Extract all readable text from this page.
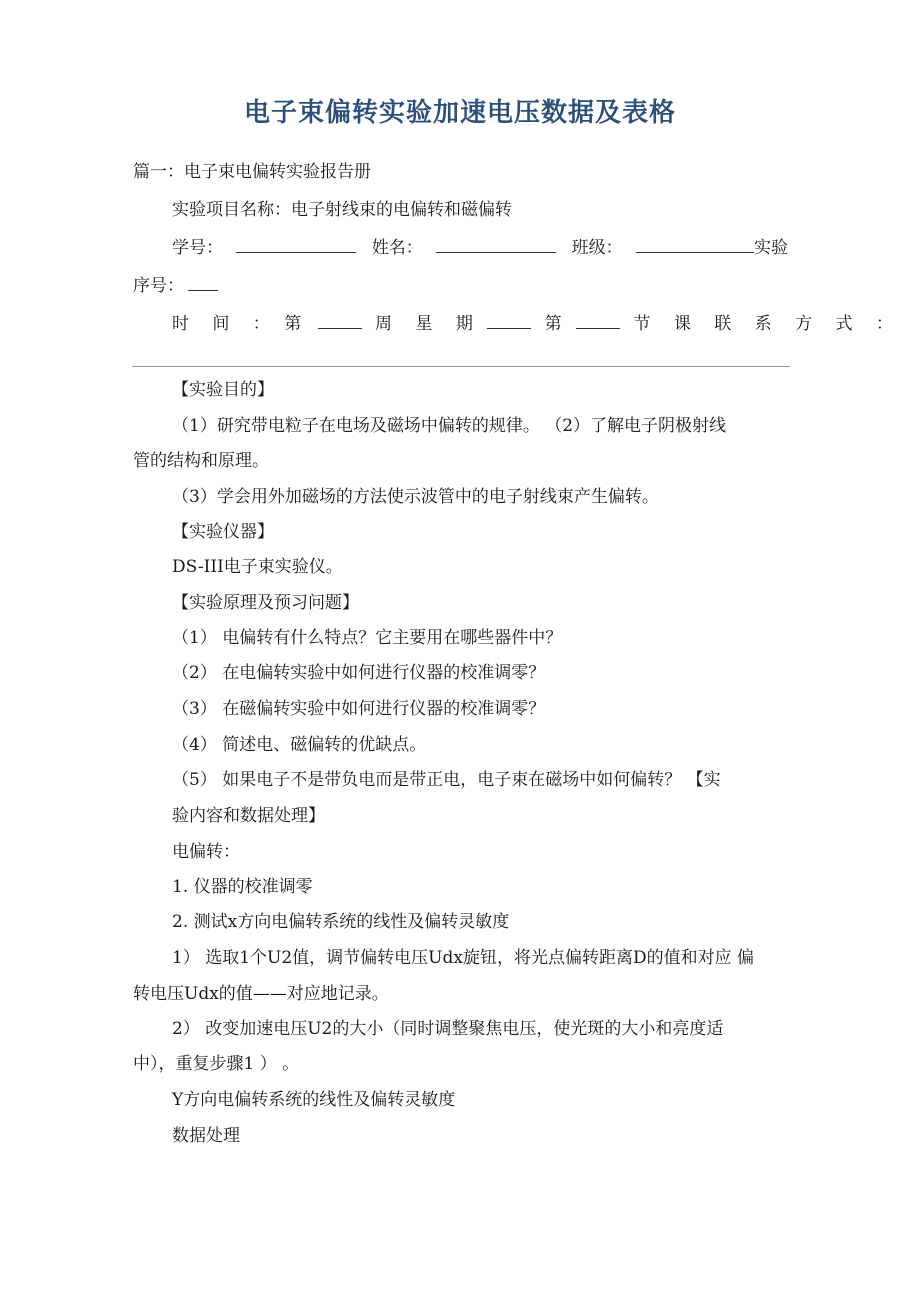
电子束偏转实验加速电压数据及表格
篇一：电子束电偏转实验报告册
实验项目名称：电子射线束的电偏转和磁偏转
学号：	姓名：	班级：	实验
序号：
时 间 ： 第	周 星 期	第	节 课 联 系 方 式 ：
【实验目的】
（1）研究带电粒子在电场及磁场中偏转的规律。 （2）了解电子阴极射线
管的结构和原理。
（3）学会用外加磁场的方法使示波管中的电子射线束产生偏转。
【实验仪器】
DS-III电子束实验仪。
【实验原理及预习问题】
（1） 电偏转有什么特点？它主要用在哪些器件中？
（2） 在电偏转实验中如何进行仪器的校准调零？
（3） 在磁偏转实验中如何进行仪器的校准调零？
（4） 简述电、磁偏转的优缺点。
（5） 如果电子不是带负电而是带正电，电子束在磁场中如何偏转？ 【实
验内容和数据处理】
电偏转：
1. 仪器的校准调零
2. 测试x方向电偏转系统的线性及偏转灵敏度
1） 选取1个U2值，调节偏转电压Udx旋钮，将光点偏转距离D的值和对应 偏
转电压Udx的值——对应地记录。
2） 改变加速电压U2的大小（同时调整聚焦电压，使光斑的大小和亮度适
中），重复步骤1 ） 。
Y方向电偏转系统的线性及偏转灵敏度
数据处理
